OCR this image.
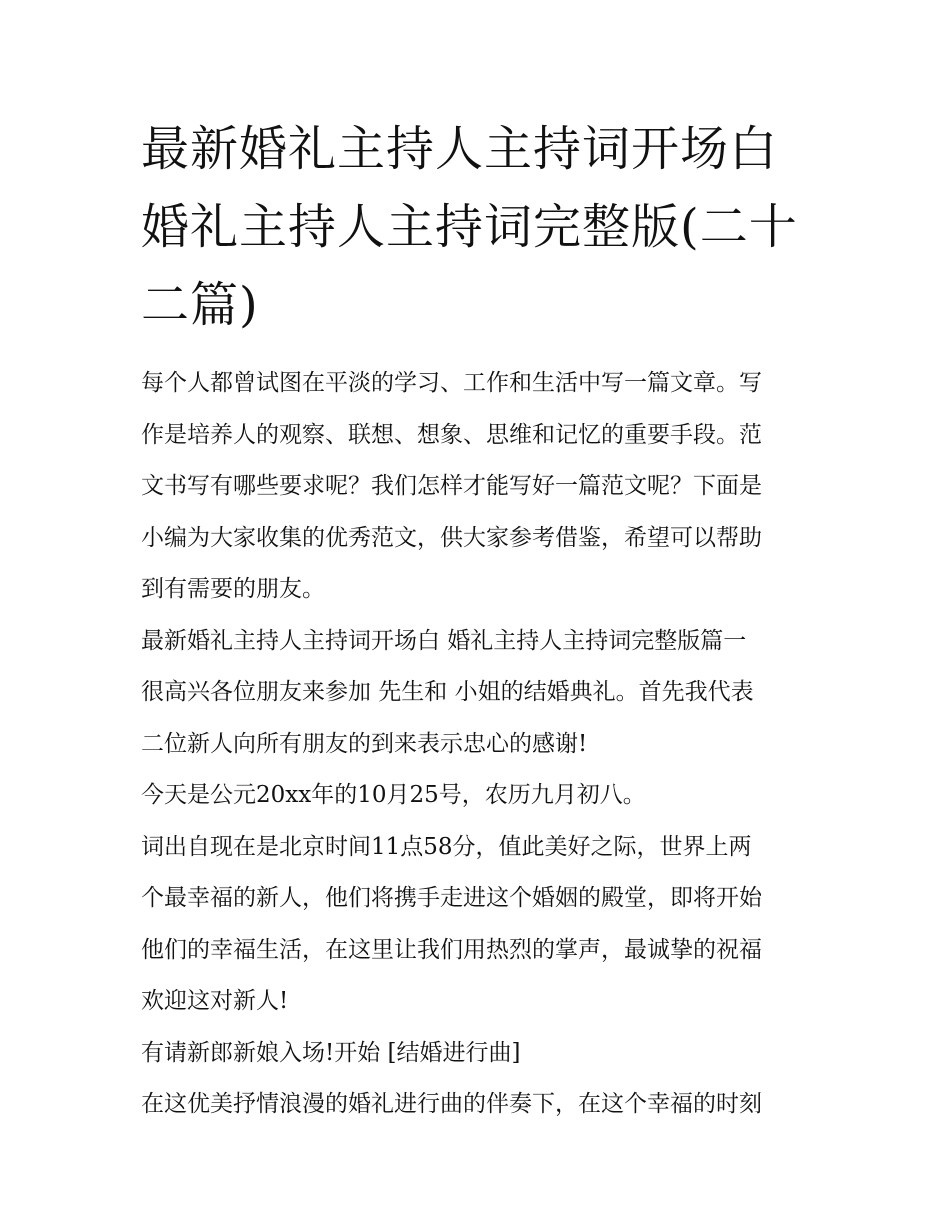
最新婚礼主持人主持词开场白
婚礼主持人主持词完整版(二十
二篇)

每个人都曾试图在平淡的学习、工作和生活中写一篇文章。写
作是培养人的观察、联想、想象、思维和记忆的重要手段。范
文书写有哪些要求呢？我们怎样才能写好一篇范文呢？下面是
小编为大家收集的优秀范文，供大家参考借鉴，希望可以帮助
到有需要的朋友。

最新婚礼主持人主持词开场白 婚礼主持人主持词完整版篇一

很高兴各位朋友来参加 先生和 小姐的结婚典礼。首先我代表
二位新人向所有朋友的到来表示忠心的感谢!

今天是公元20xx年的10月25号，农历九月初八。

词出自现在是北京时间11点58分，值此美好之际，世界上两
个最幸福的新人，他们将携手走进这个婚姻的殿堂，即将开始
他们的幸福生活，在这里让我们用热烈的掌声，最诚挚的祝福
欢迎这对新人!

有请新郎新娘入场!开始 [结婚进行曲]

在这优美抒情浪漫的婚礼进行曲的伴奏下，在这个幸福的时刻
